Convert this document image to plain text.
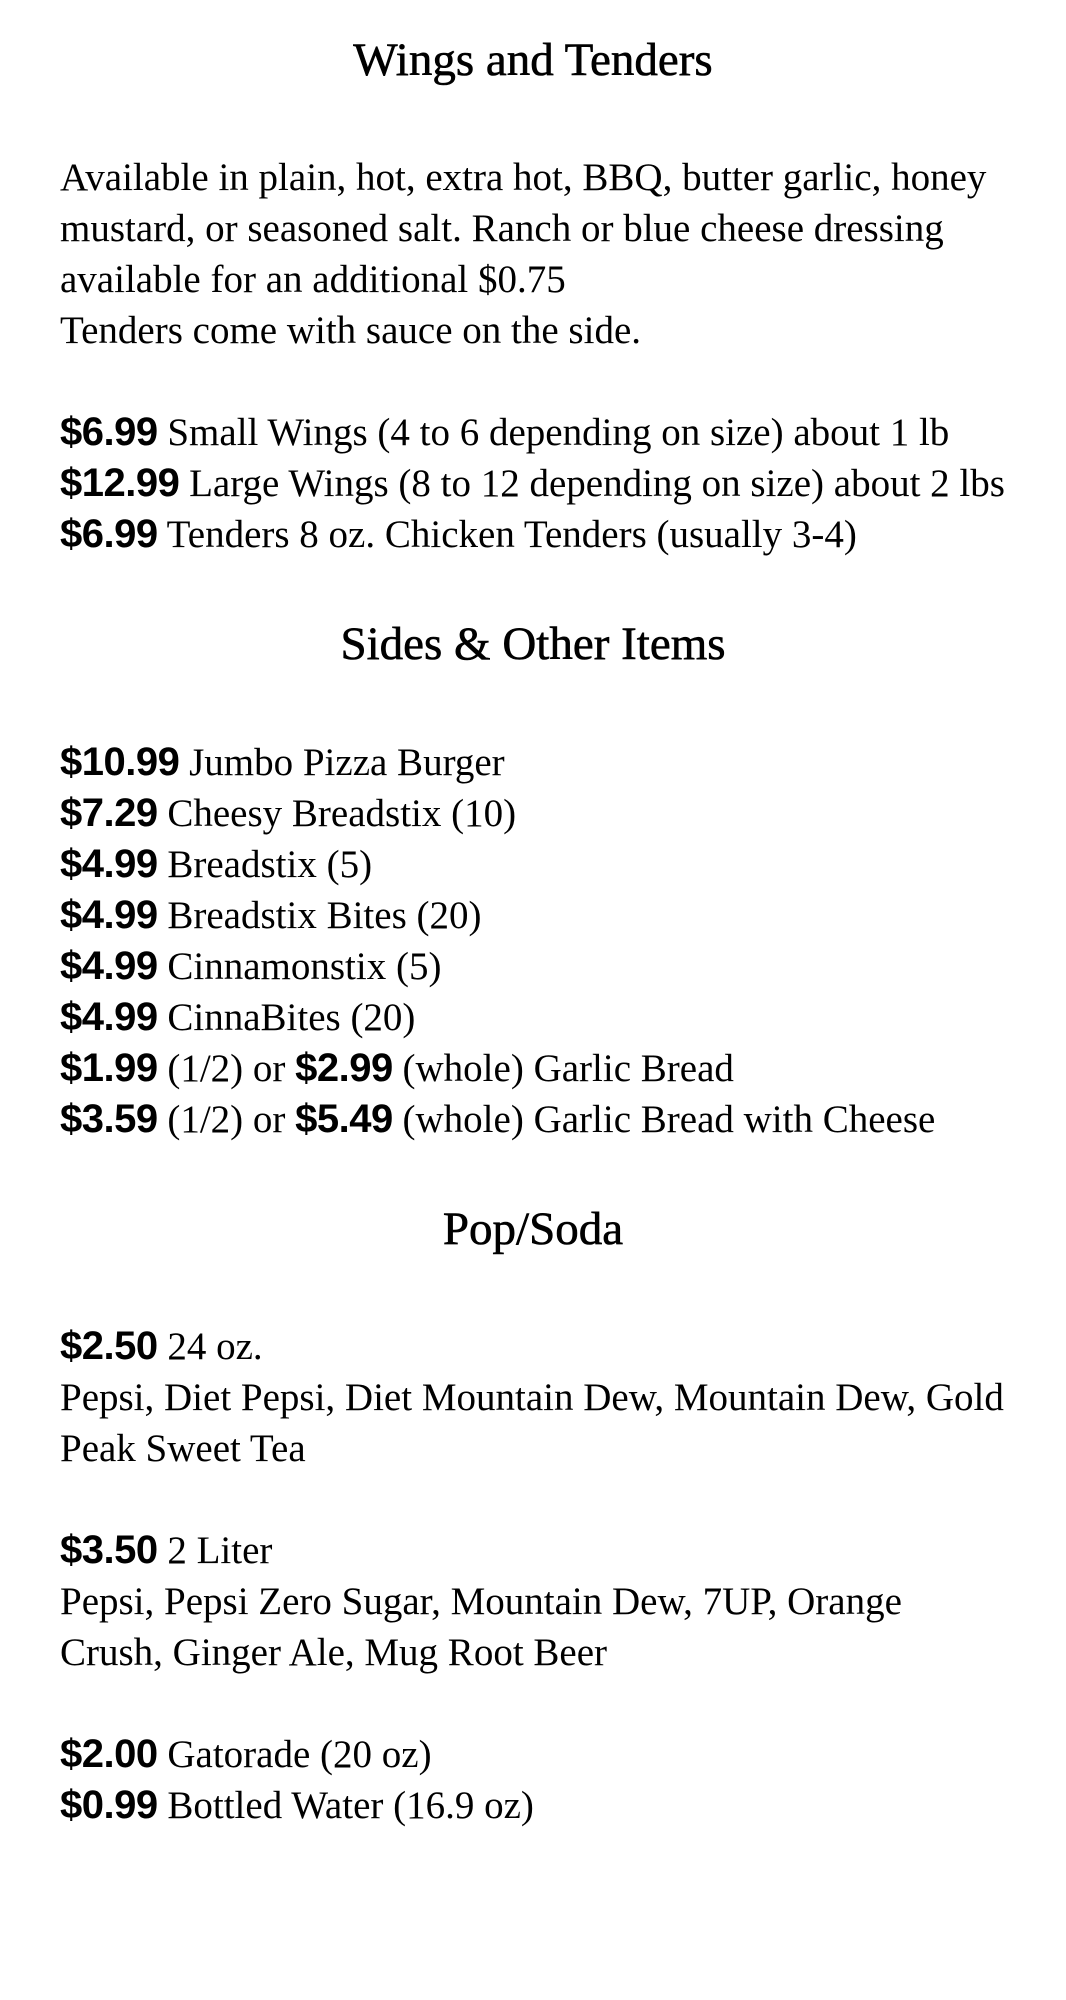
Wings and Tenders

Available in plain, hot, extra hot, BBQ, butter garlic, honey mustard, or seasoned salt. Ranch or blue cheese dressing available for an additional $0.75
Tenders come with sauce on the side.

$6.99 Small Wings (4 to 6 depending on size) about 1 lb
$12.99 Large Wings (8 to 12 depending on size) about 2 lbs
$6.99 Tenders 8 oz. Chicken Tenders (usually 3-4)
Sides & Other Items
$10.99 Jumbo Pizza Burger
$7.29 Cheesy Breadstix (10)
$4.99 Breadstix (5)
$4.99 Breadstix Bites (20)
$4.99 Cinnamonstix (5)
$4.99 CinnaBites (20)
$1.99 (1/2) or $2.99 (whole) Garlic Bread
$3.59 (1/2) or $5.49 (whole) Garlic Bread with Cheese
Pop/Soda
$2.50 24 oz.
Pepsi, Diet Pepsi, Diet Mountain Dew, Mountain Dew, Gold Peak Sweet Tea
$3.50 2 Liter
Pepsi, Pepsi Zero Sugar, Mountain Dew, 7UP, Orange Crush, Ginger Ale, Mug Root Beer
$2.00 Gatorade (20 oz)
$0.99 Bottled Water (16.9 oz)
